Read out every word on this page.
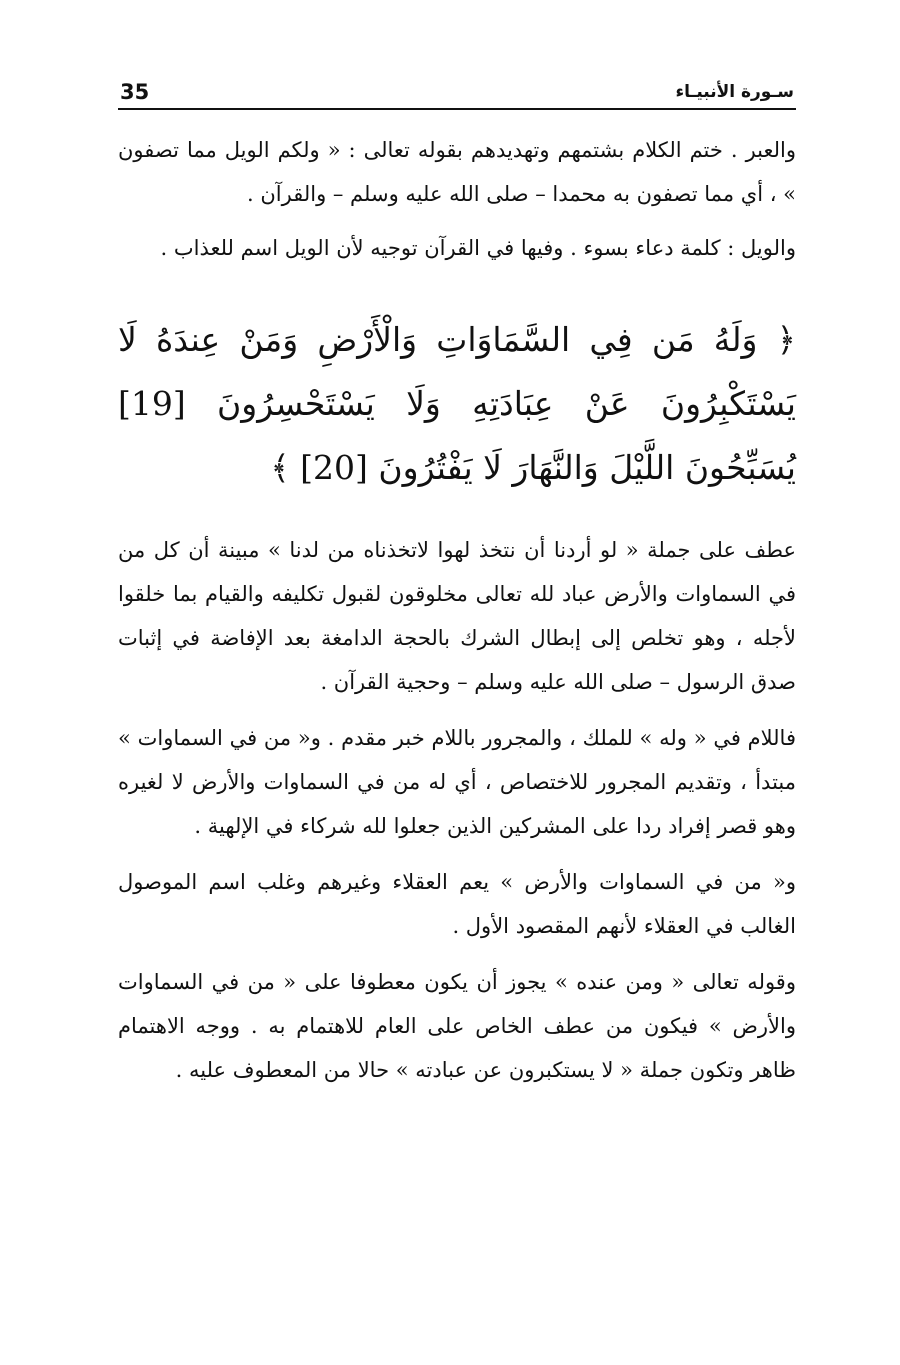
35	سـورة الأنبيـاء

والعبر . ختم الكلام بشتمهم وتهديدهم بقوله تعالى : « ولكم الويل مما تصفون » ، أي مما تصفون به محمدا – صلى الله عليه وسلم – والقرآن .

والويل : كلمة دعاء بسوء . وفيها في القرآن توجيه لأن الويل اسم للعذاب .

﴿ وَلَهُ مَن فِي السَّمَاوَاتِ وَالْأَرْضِ وَمَنْ عِندَهُ لَا يَسْتَكْبِرُونَ عَنْ عِبَادَتِهِ وَلَا يَسْتَحْسِرُونَ [19] يُسَبِّحُونَ اللَّيْلَ وَالنَّهَارَ لَا يَفْتُرُونَ [20] ﴾

عطف على جملة « لو أردنا أن نتخذ لهوا لاتخذناه من لدنا » مبينة أن كل من في السماوات والأرض عباد لله تعالى مخلوقون لقبول تكليفه والقيام بما خلقوا لأجله ، وهو تخلص إلى إبطال الشرك بالحجة الدامغة بعد الإفاضة في إثبات صدق الرسول – صلى الله عليه وسلم – وحجية القرآن .

فاللام في « وله » للملك ، والمجرور باللام خبر مقدم . و« من في السماوات » مبتدأ ، وتقديم المجرور للاختصاص ، أي له من في السماوات والأرض لا لغيره وهو قصر إفراد ردا على المشركين الذين جعلوا لله شركاء في الإلهية .

و« من في السماوات والأرض » يعم العقلاء وغيرهم وغلب اسم الموصول الغالب في العقلاء لأنهم المقصود الأول .

وقوله تعالى « ومن عنده » يجوز أن يكون معطوفا على « من في السماوات والأرض » فيكون من عطف الخاص على العام للاهتمام به . ووجه الاهتمام ظاهر وتكون جملة « لا يستكبرون عن عبادته » حالا من المعطوف عليه .
